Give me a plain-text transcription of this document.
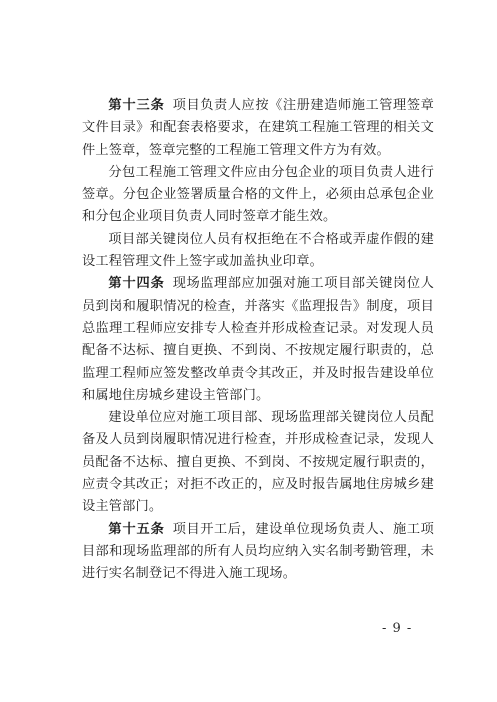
第十三条 项目负责人应按《注册建造师施工管理签章文件目录》和配套表格要求，在建筑工程施工管理的相关文件上签章，签章完整的工程施工管理文件方为有效。

分包工程施工管理文件应由分包企业的项目负责人进行签章。分包企业签署质量合格的文件上，必须由总承包企业和分包企业项目负责人同时签章才能生效。

项目部关键岗位人员有权拒绝在不合格或弄虚作假的建设工程管理文件上签字或加盖执业印章。

第十四条 现场监理部应加强对施工项目部关键岗位人员到岗和履职情况的检查，并落实《监理报告》制度，项目总监理工程师应安排专人检查并形成检查记录。对发现人员配备不达标、擅自更换、不到岗、不按规定履行职责的，总监理工程师应签发整改单责令其改正，并及时报告建设单位和属地住房城乡建设主管部门。

建设单位应对施工项目部、现场监理部关键岗位人员配备及人员到岗履职情况进行检查，并形成检查记录，发现人员配备不达标、擅自更换、不到岗、不按规定履行职责的，应责令其改正；对拒不改正的，应及时报告属地住房城乡建设主管部门。

第十五条 项目开工后，建设单位现场负责人、施工项目部和现场监理部的所有人员均应纳入实名制考勤管理，未进行实名制登记不得进入施工现场。

- 9 -
